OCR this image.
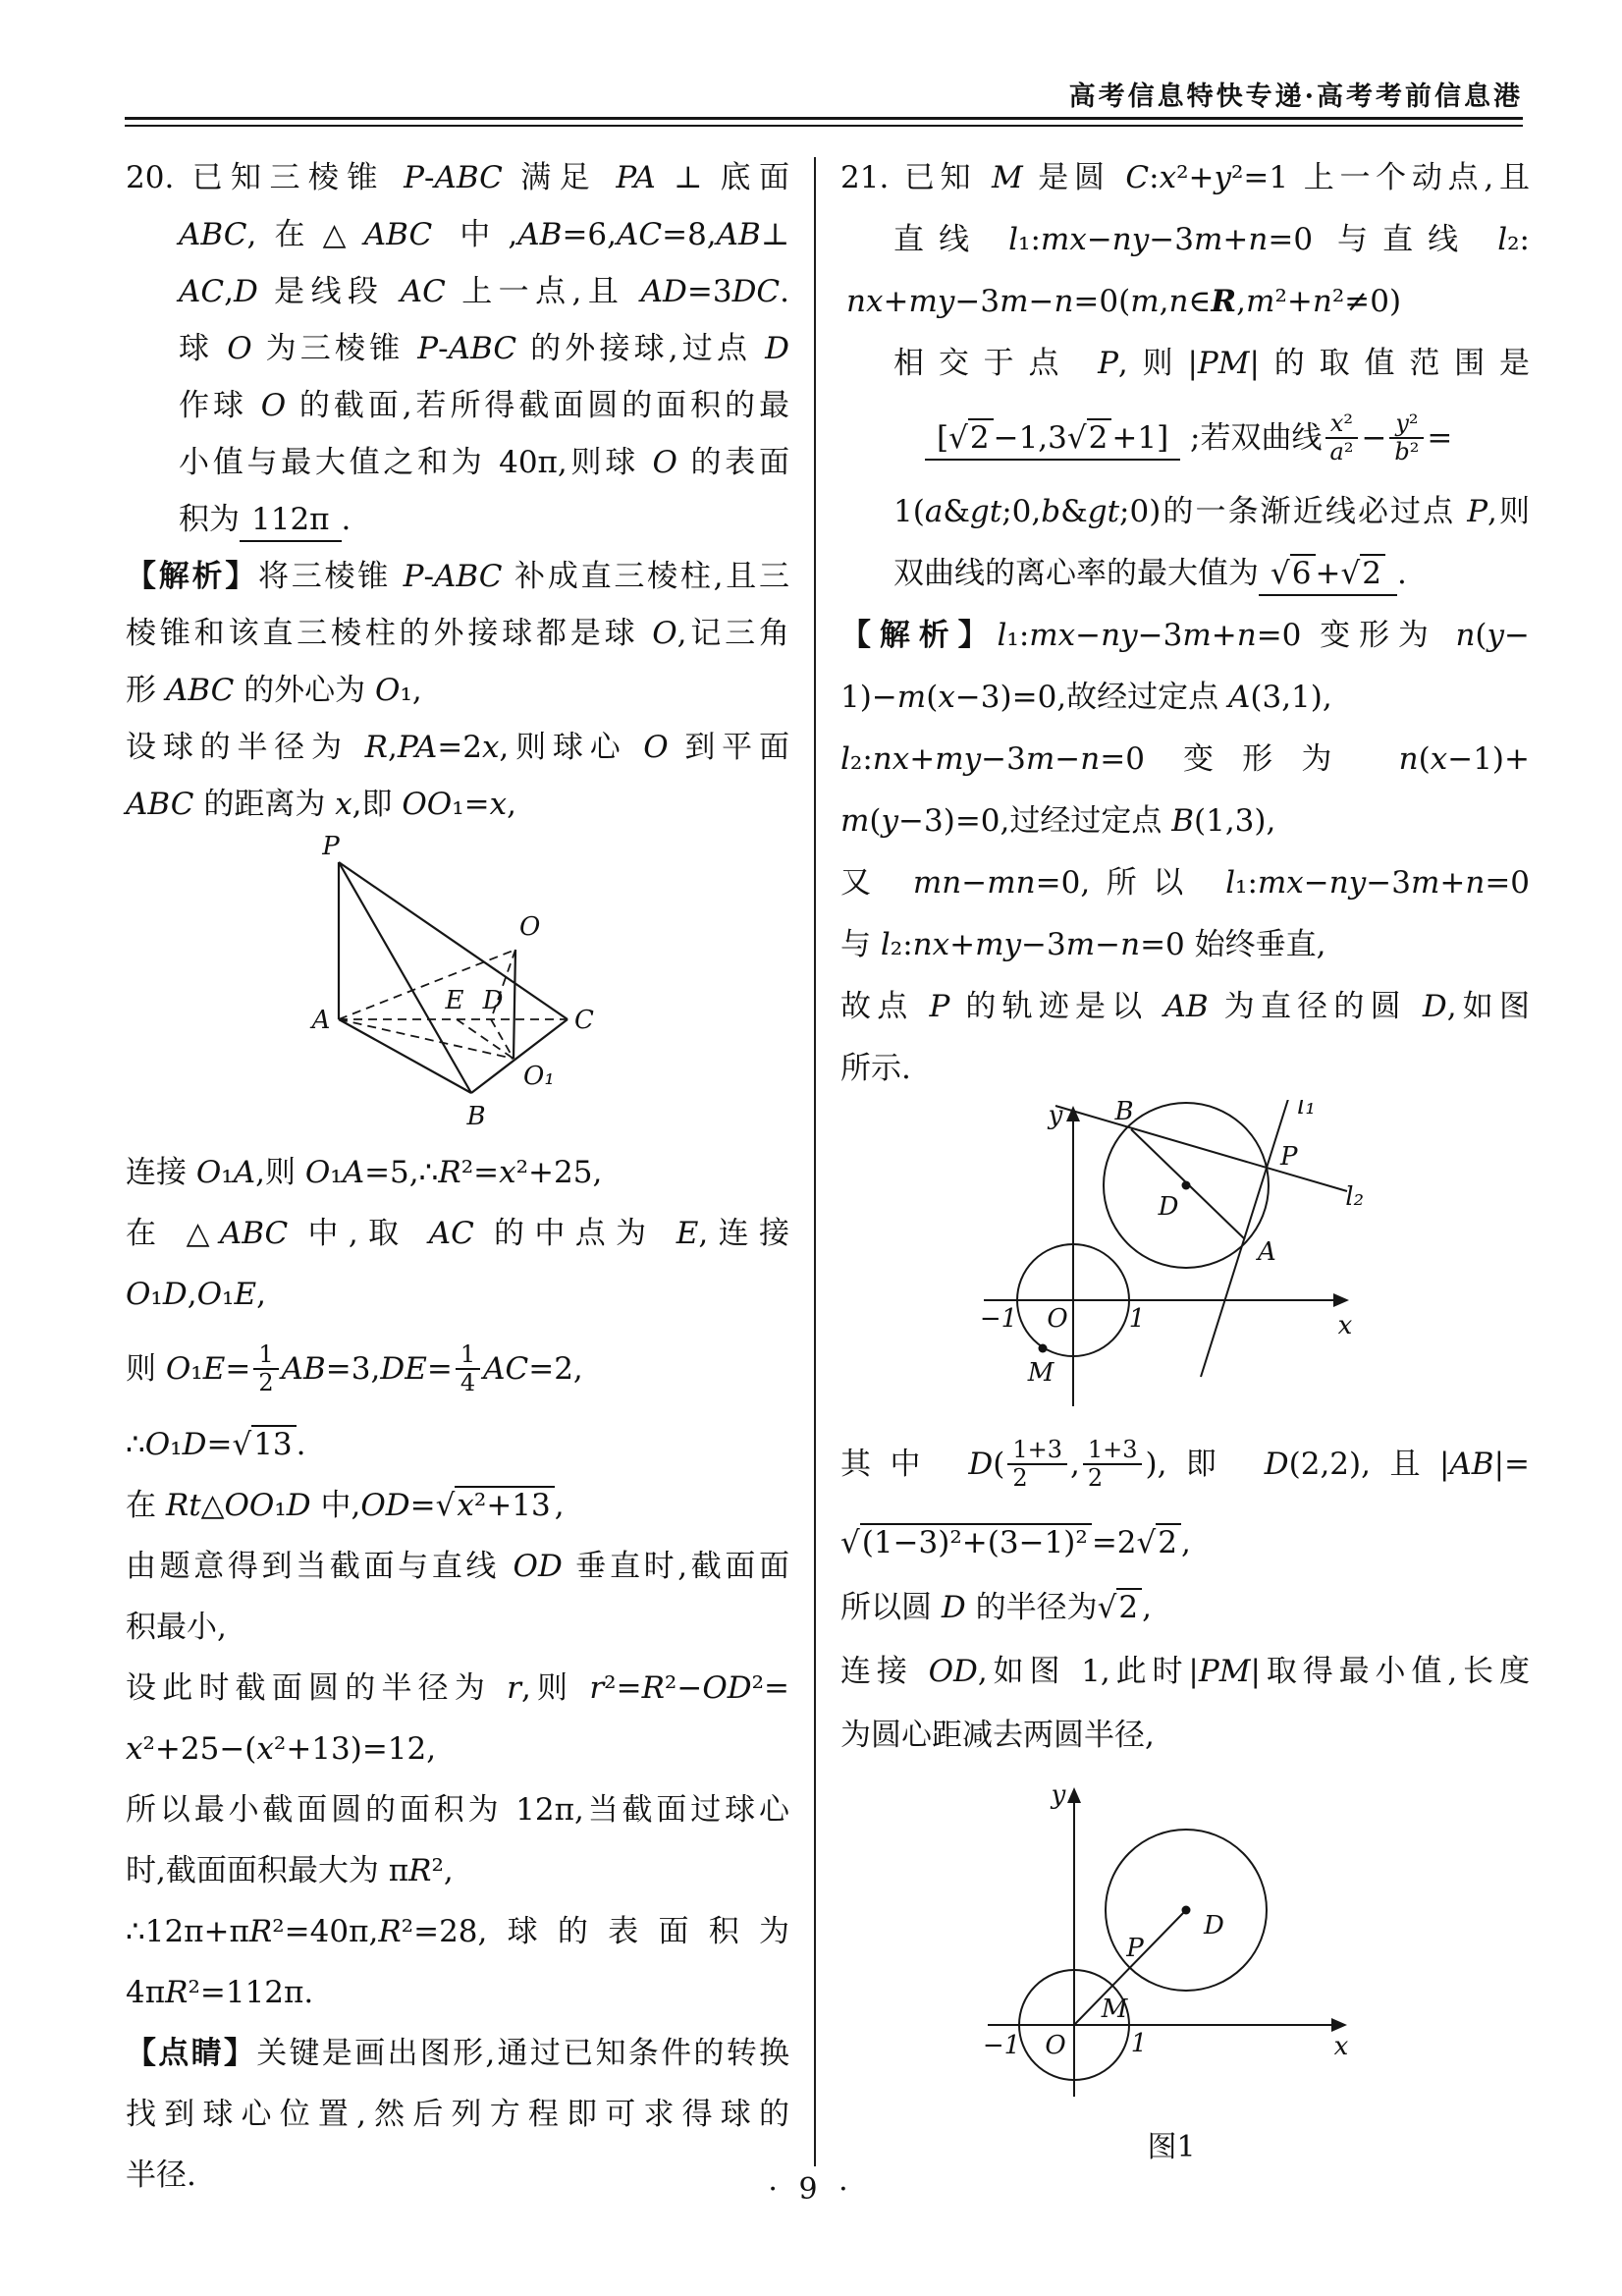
高考信息特快专递·高考考前信息港
20. 已知三棱锥 P-ABC 满足 PA ⊥ 底面
ABC,在△ABC 中,AB=6,AC=8,AB⊥
AC,D 是线段 AC 上一点,且 AD=3DC.
球 O 为三棱锥 P-ABC 的外接球,过点 D
作球 O 的截面,若所得截面圆的面积的最
小值与最大值之和为 40π,则球 O 的表面
积为112π.
【解析】将三棱锥 P-ABC 补成直三棱柱,且三
棱锥和该直三棱柱的外接球都是球 O,记三角
形 ABC 的外心为 O₁,
设球的半径为 R,PA=2x,则球心 O 到平面
ABC 的距离为 x,即 OO₁=x,
P
O
A
E D
C
O₁
B
连接 O₁A,则 O₁A=5,∴R²=x²+25,
在 △ABC 中,取 AC 的中点为 E,连接
O₁D,O₁E,
则 $O_1E= \frac{1}{2} AB=3,DE= \frac{1}{4} AC=2$,
∴O₁D=√13 .
在 Rt△OO₁D 中,OD=√x²+13 ,
由题意得到当截面与直线 OD 垂直时,截面面
积最小,
设此时截面圆的半径为 r,则 r²=R²−OD²=
x²+25−(x²+13)=12,
所以最小截面圆的面积为 12π,当截面过球心
时,截面面积最大为 πR²,
∴12π+πR²=40π,R²=28,球的表面积为
4πR²=112π.
【点睛】关键是画出图形,通过已知条件的转换
找到球心位置,然后列方程即可求得球的
半径.
21. 已知 M 是圆 C:x²+y²=1 上一个动点,且
直线 l₁:mx−ny−3m+n=0 与直线 l₂:
nx+my−3m−n=0(m,n∈R,m²+n²≠0)
相交于点 P,则|PM|的取值范围是
[√2 −1,3√2 +1] ;若双曲线 $\frac{\text{x²}}{\text{a²}} - \frac{\text{y²}}{\text{b²}}$ =
1(a&gt;0,b&gt;0)的一条渐近线必过点 P,则
双曲线的离心率的最大值为 √6 +√2 .
【解析】l₁:mx−ny−3m+n=0 变形为 n(y−
1)−m(x−3)=0,故经过定点 A(3,1),
l₂:nx+my−3m−n=0 变形为 n(x−1)+
m(y−3)=0,过经过定点 B(1,3),
又 mn−mn=0,所以 l₁:mx−ny−3m+n=0
与 l₂:nx+my−3m−n=0 始终垂直,
故点 P 的轨迹是以 AB 为直径的圆 D,如图
所示.
y
x
l₁
l₂
B
P
D
A
−1 O 1
M
其中 $D( \frac{1+3}{2}$ , $\frac{1+3}{2}$ ),即 D(2,2),且|AB|=
√(1−3)²+(3−1)² =2√2 ,
所以圆 D 的半径为√2 ,
连接 OD,如图 1,此时|PM|取得最小值,长度
为圆心距减去两圆半径,
y
x
D
P
M
−1 O	1
图1
· 9 ·
